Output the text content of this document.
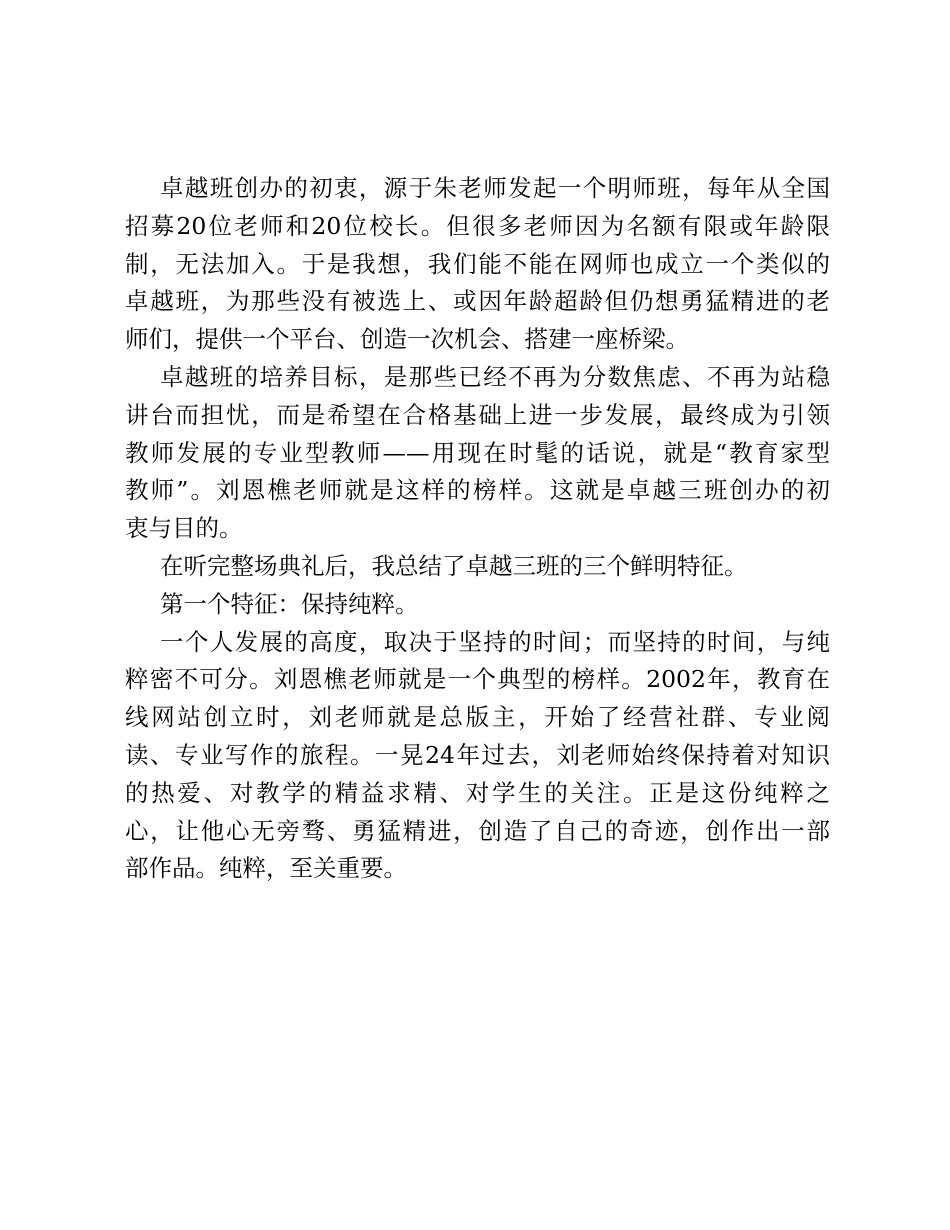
卓越班创办的初衷，源于朱老师发起一个明师班，每年从全国
招募20位老师和20位校长。但很多老师因为名额有限或年龄限
制，无法加入。于是我想，我们能不能在网师也成立一个类似的
卓越班，为那些没有被选上、或因年龄超龄但仍想勇猛精进的老
师们，提供一个平台、创造一次机会、搭建一座桥梁。
卓越班的培养目标，是那些已经不再为分数焦虑、不再为站稳
讲台而担忧，而是希望在合格基础上进一步发展，最终成为引领
教师发展的专业型教师——用现在时髦的话说，就是“教育家型
教师”。刘恩樵老师就是这样的榜样。这就是卓越三班创办的初
衷与目的。
在听完整场典礼后，我总结了卓越三班的三个鲜明特征。
第一个特征：保持纯粹。
一个人发展的高度，取决于坚持的时间；而坚持的时间，与纯
粹密不可分。刘恩樵老师就是一个典型的榜样。2002年，教育在
线网站创立时，刘老师就是总版主，开始了经营社群、专业阅
读、专业写作的旅程。一晃24年过去，刘老师始终保持着对知识
的热爱、对教学的精益求精、对学生的关注。正是这份纯粹之
心，让他心无旁骛、勇猛精进，创造了自己的奇迹，创作出一部
部作品。纯粹，至关重要。
